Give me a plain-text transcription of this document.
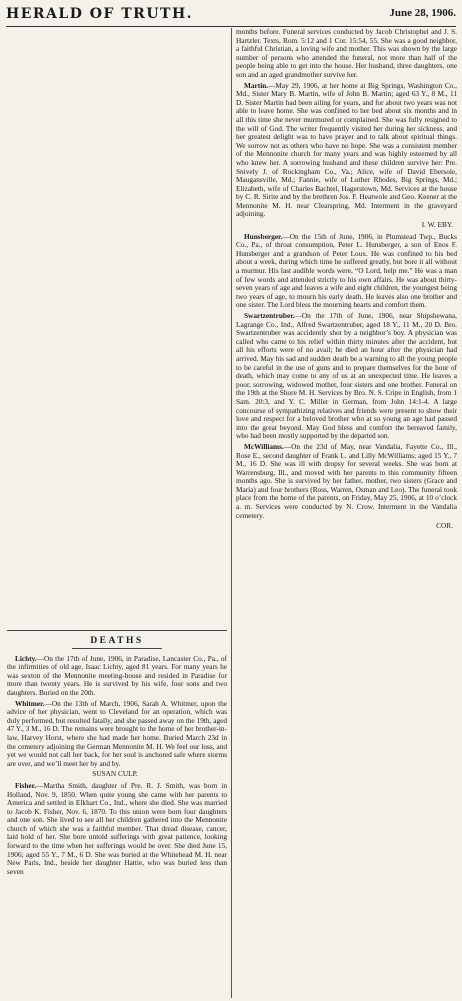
HERALD OF TRUTH.	June 28, 1906.

months before. Funeral services conducted by Jacob Christophel and J. S. Hartzler. Texts, Rom. 5:12 and 1 Cor. 15:54, 55. She was a good neighbor, a faithful Christian, a loving wife and mother. This was shown by the large number of persons who attended the funeral, not more than half of the people being able to get into the house. Her husband, three daughters, one son and an aged grandmother survive her.

Martin.—May 29, 1906, at her home at Big Springs, Washington Co., Md., Sister Mary B. Martin, wife of John B. Martin; aged 63 Y., 8 M., 11 D. Sister Martin had been ailing for years, and for about two years was not able to leave home. She was confined to her bed about six months and in all this time she never murmured or complained. She was fully resigned to the will of God. The writer frequently visited her during her sickness, and her greatest delight was to have prayer and to talk about spiritual things. We sorrow not as others who have no hope. She was a consistent member of the Mennonite church for many years and was highly esteemed by all who knew her. A sorrowing husband and these children survive her: Pre. Snively J. of Rockingham Co., Va.; Alice, wife of David Ebersole, Maugansville, Md.; Fannie, wife of Luther Rhodes, Big Springs, Md.; Elizabeth, wife of Charles Bachtel, Hagerstown, Md. Services at the house by C. R. Sirite and by the brethren Jos. F. Heatwole and Geo. Keener at the Mennonite M. H. near Clearspring, Md. Interment in the graveyard adjoining.

I. W. EBY.

Hunsberger.—On the 15th of June, 1906, in Plumstead Twp., Bucks Co., Pa., of throat consumption, Peter L. Hunsberger, a son of Enos F. Hunsberger and a grandson of Peter Loux. He was confined to his bed about a week, during which time he suffered greatly, but bore it all without a murmur. His last audible words were, “O Lord, help me.” He was a man of few words and attended strictly to his own affairs. He was about thirty-seven years of age and leaves a wife and eight children, the youngest being two years of age, to mourn his early death. He leaves also one brother and one sister. The Lord bless the mourning hearts and comfort them.

Swartzentruber.—On the 17th of June, 1906, near Shipshewana, Lagrange Co., Ind., Alfred Swartzentruber, aged 18 Y., 11 M., 20 D. Bro. Swartzentruber was accidently shot by a neighbor’s boy. A physician was called who came to his relief within thirty minutes after the accident, but all his efforts were of no avail; he died an hour after the physician had arrived. May his sad and sudden death be a warning to all the young people to be careful in the use of guns and to prepare themselves for the hour of death, which may come to any of us at an unexpected time. He leaves a poor, sorrowing, widowed mother, four sisters and one brother. Funeral on the 19th at the Shore M. H. Services by Bro. N. S. Cripe in English, from 1 Sam. 20:3, and Y. C. Miller in German, from John 14:1-4. A large concourse of sympathizing relatives and friends were present to show their love and respect for a beloved brother who at so young an age had passed into the great beyond. May God bless and comfort the bereaved family, who had been mostly supported by the departed son.

McWilliams.—On the 23d of May, near Vandalia, Fayette Co., Ill., Rose E., second daughter of Frank L. and Lilly McWilliams; aged 15 Y., 7 M., 16 D. She was ill with dropsy for several weeks. She was born at Warrensburg, Ill., and moved with her parents to this community fifteen months ago. She is survived by her father, mother, two sisters (Grace and Maria) and four brothers (Ross, Warren, Osman and Leo). The funeral took place from the home of the parents, on Friday, May 25, 1906, at 10 o’clock a. m. Services were conducted by N. Crow. Interment in the Vandalia cemetery.

COR.
DEATHS

Lichty.—On the 17th of June, 1906, in Paradise, Lancaster Co., Pa., of the infirmities of old age, Isaac Lichty, aged 81 years. For many years he was sexton of the Mennonite meeting-house and resided in Paradise for more than twenty years. He is survived by his wife, four sons and two daughters. Buried on the 20th.

Whitmer.—On the 13th of March, 1906, Sarah A. Whitmer, upon the advice of her physician, went to Cleveland for an operation, which was duly performed, but resulted fatally, and she passed away on the 19th, aged 47 Y., 3 M., 16 D. The remains were brought to the home of her brother-in-law, Harvey Horst, where she had made her home. Buried March 23d in the cemetery adjoining the German Mennonite M. H. We feel our loss, and yet we would not call her back, for her soul is anchored safe where storms are over, and we’ll meet her by and by.

SUSAN CULP.

Fisher.—Martha Smith, daughter of Pre. R. J. Smith, was born in Holland, Nov. 9, 1850. When quite young she came with her parents to America and settled in Elkhart Co., Ind., where she died. She was married to Jacob K. Fisher, Nov. 6, 1870. To this union were born four daughters and one son. She lived to see all her children gathered into the Mennonite church of which she was a faithful member. That dread disease, cancer, laid hold of her. She bore untold sufferings with great patience, looking forward to the time when her sufferings would be over. She died June 15, 1906; aged 55 Y., 7 M., 6 D. She was buried at the Whitehead M. H. near New Paris, Ind., beside her daughter Hattie, who was buried less than seven
